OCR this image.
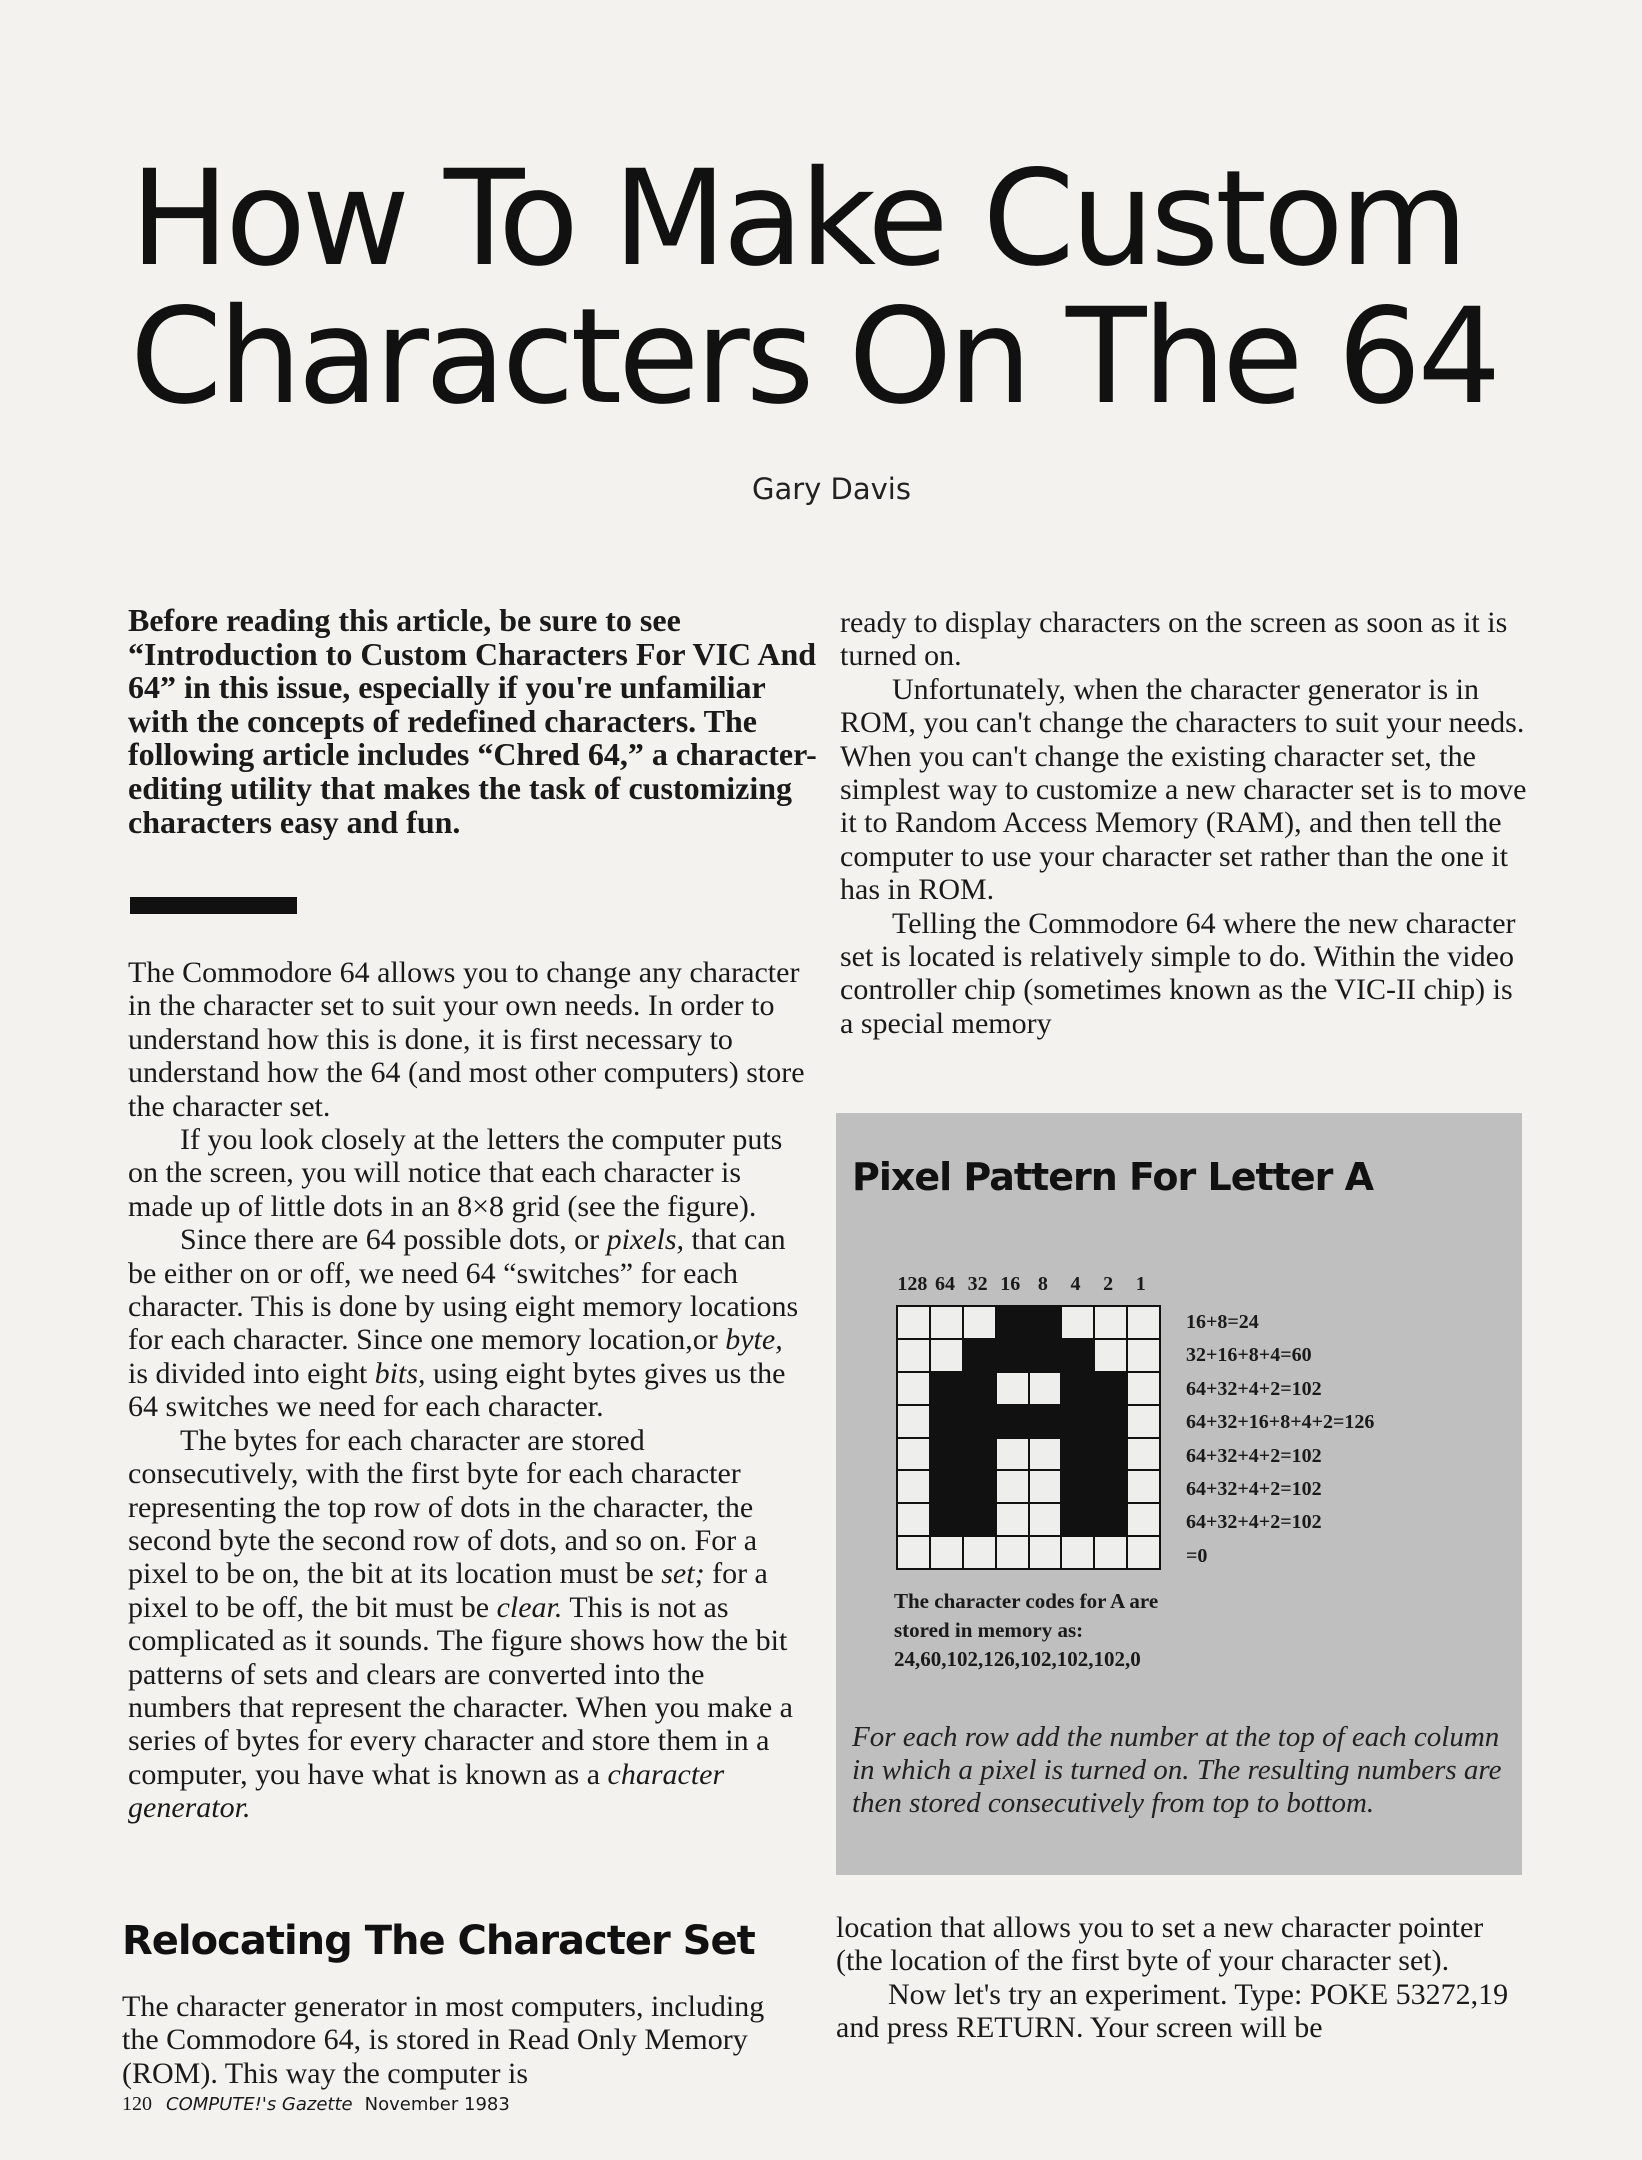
How To Make Custom
Characters On The 64
Gary Davis
Before reading this article, be sure to see “Introduction to Custom Characters For VIC And 64” in this issue, especially if you're unfamiliar with the concepts of redefined characters. The following article includes “Chred 64,” a character-editing utility that makes the task of customizing characters easy and fun.

The Commodore 64 allows you to change any character in the character set to suit your own needs. In order to understand how this is done, it is first necessary to understand how the 64 (and most other computers) store the character set.

If you look closely at the letters the computer puts on the screen, you will notice that each character is made up of little dots in an 8×8 grid (see the figure).

Since there are 64 possible dots, or pixels, that can be either on or off, we need 64 “switches” for each character. This is done by using eight memory locations for each character. Since one memory location,or byte, is divided into eight bits, using eight bytes gives us the 64 switches we need for each character.

The bytes for each character are stored consecutively, with the first byte for each character representing the top row of dots in the character, the second byte the second row of dots, and so on. For a pixel to be on, the bit at its location must be set; for a pixel to be off, the bit must be clear. This is not as complicated as it sounds. The figure shows how the bit patterns of sets and clears are converted into the numbers that represent the character. When you make a series of bytes for every character and store them in a computer, you have what is known as a character generator.

Relocating The Character Set

The character generator in most computers, including the Commodore 64, is stored in Read Only Memory (ROM). This way the computer is

ready to display characters on the screen as soon as it is turned on.

Unfortunately, when the character generator is in ROM, you can't change the characters to suit your needs. When you can't change the existing character set, the simplest way to customize a new character set is to move it to Random Access Memory (RAM), and then tell the computer to use your character set rather than the one it has in ROM.

Telling the Commodore 64 where the new character set is located is relatively simple to do. Within the video controller chip (sometimes known as the VIC-II chip) is a special memory

Pixel Pattern For Letter A
128 64 32 16 8	4	2	1
16+8=24
32+16+8+4=60
64+32+4+2=102
64+32+16+8+4+2=126
64+32+4+2=102
64+32+4+2=102
64+32+4+2=102
=0
The character codes for A are
stored in memory as:
24,60,102,126,102,102,102,0
For each row add the number at the top of each column in which a pixel is turned on. The resulting numbers are then stored consecutively from top to bottom.

location that allows you to set a new character pointer (the location of the first byte of your character set).

Now let's try an experiment. Type: POKE 53272,19 and press RETURN. Your screen will be

120 COMPUTE!'s Gazette November 1983
